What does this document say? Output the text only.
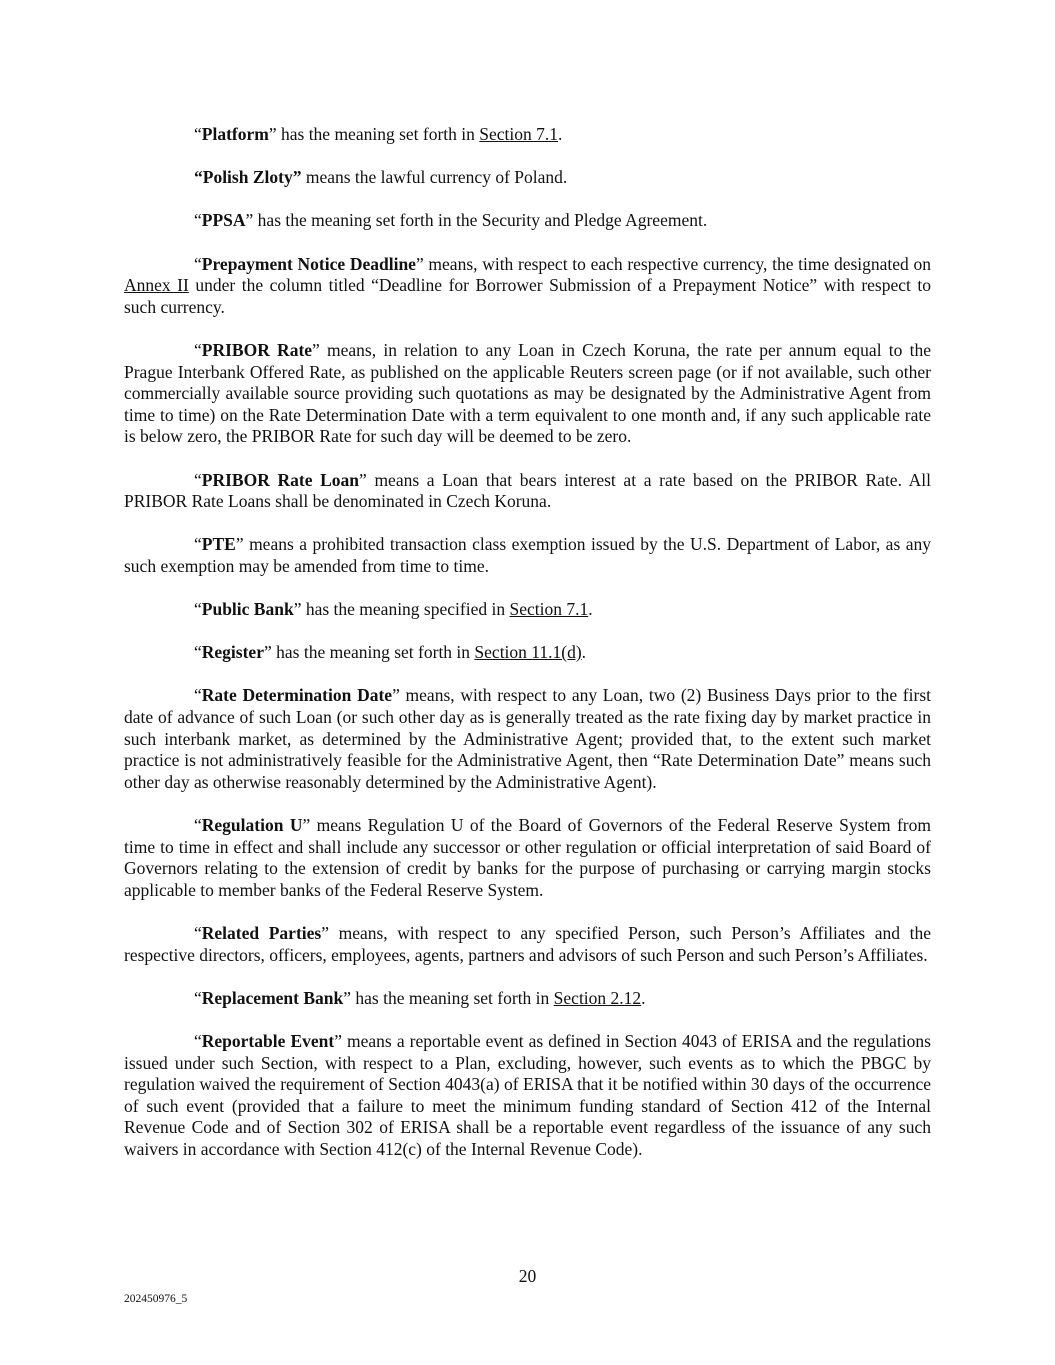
“Platform” has the meaning set forth in Section 7.1.

“Polish Zloty” means the lawful currency of Poland.

“PPSA” has the meaning set forth in the Security and Pledge Agreement.

“Prepayment Notice Deadline” means, with respect to each respective currency, the time designated on Annex II under the column titled “Deadline for Borrower Submission of a Prepayment Notice” with respect to such currency.

“PRIBOR Rate” means, in relation to any Loan in Czech Koruna, the rate per annum equal to the Prague Interbank Offered Rate, as published on the applicable Reuters screen page (or if not available, such other commercially available source providing such quotations as may be designated by the Administrative Agent from time to time) on the Rate Determination Date with a term equivalent to one month and, if any such applicable rate is below zero, the PRIBOR Rate for such day will be deemed to be zero.

“PRIBOR Rate Loan” means a Loan that bears interest at a rate based on the PRIBOR Rate. All PRIBOR Rate Loans shall be denominated in Czech Koruna.

“PTE” means a prohibited transaction class exemption issued by the U.S. Department of Labor, as any such exemption may be amended from time to time.

“Public Bank” has the meaning specified in Section 7.1.

“Register” has the meaning set forth in Section 11.1(d).

“Rate Determination Date” means, with respect to any Loan, two (2) Business Days prior to the first date of advance of such Loan (or such other day as is generally treated as the rate fixing day by market practice in such interbank market, as determined by the Administrative Agent; provided that, to the extent such market practice is not administratively feasible for the Administrative Agent, then “Rate Determination Date” means such other day as otherwise reasonably determined by the Administrative Agent).

“Regulation U” means Regulation U of the Board of Governors of the Federal Reserve System from time to time in effect and shall include any successor or other regulation or official interpretation of said Board of Governors relating to the extension of credit by banks for the purpose of purchasing or carrying margin stocks applicable to member banks of the Federal Reserve System.

“Related Parties” means, with respect to any specified Person, such Person’s Affiliates and the respective directors, officers, employees, agents, partners and advisors of such Person and such Person’s Affiliates.

“Replacement Bank” has the meaning set forth in Section 2.12.

“Reportable Event” means a reportable event as defined in Section 4043 of ERISA and the regulations issued under such Section, with respect to a Plan, excluding, however, such events as to which the PBGC by regulation waived the requirement of Section 4043(a) of ERISA that it be notified within 30 days of the occurrence of such event (provided that a failure to meet the minimum funding standard of Section 412 of the Internal Revenue Code and of Section 302 of ERISA shall be a reportable event regardless of the issuance of any such waivers in accordance with Section 412(c) of the Internal Revenue Code).

20
202450976_5
